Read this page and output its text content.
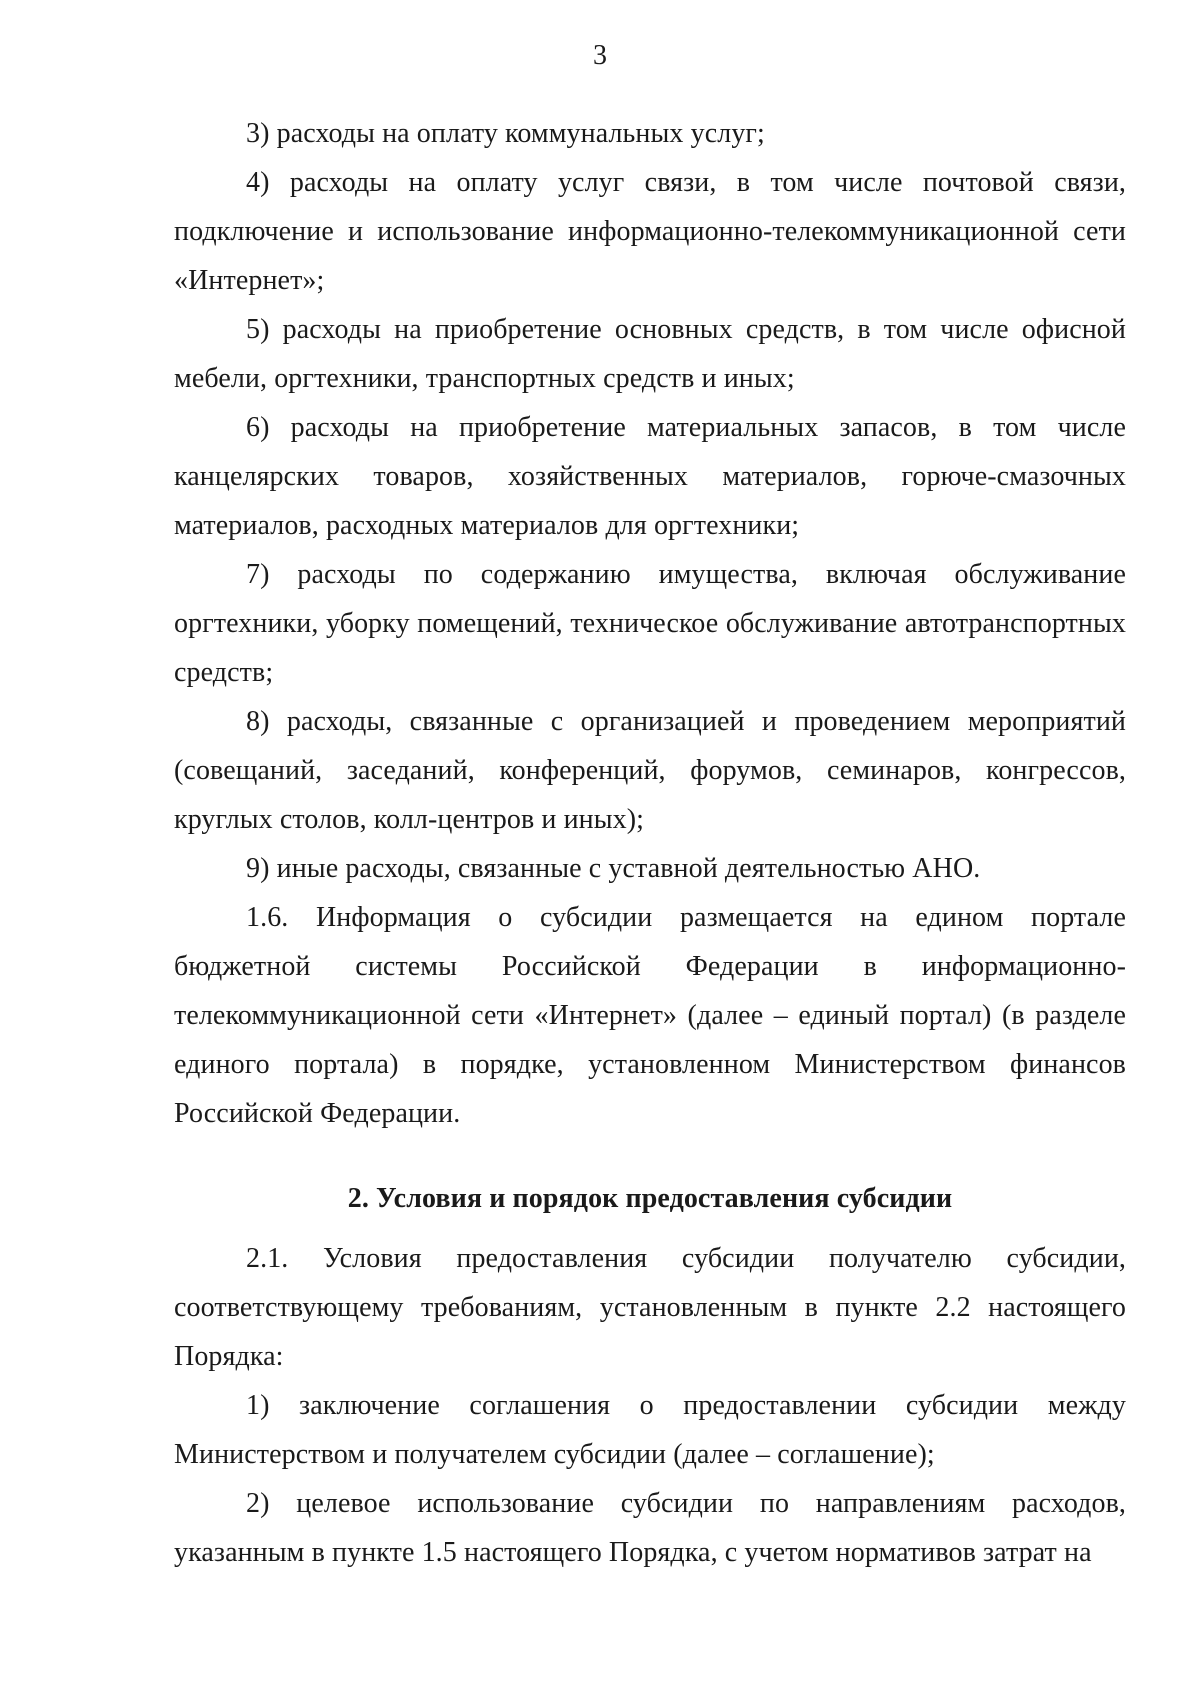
3

3) расходы на оплату коммунальных услуг;

4) расходы на оплату услуг связи, в том числе почтовой связи, подключение и использование информационно-телекоммуникационной сети «Интернет»;

5) расходы на приобретение основных средств, в том числе офисной мебели, оргтехники, транспортных средств и иных;

6) расходы на приобретение материальных запасов, в том числе канцелярских товаров, хозяйственных материалов, горюче-смазочных материалов, расходных материалов для оргтехники;

7) расходы по содержанию имущества, включая обслуживание оргтехники, уборку помещений, техническое обслуживание автотранспортных средств;

8) расходы, связанные с организацией и проведением мероприятий (совещаний, заседаний, конференций, форумов, семинаров, конгрессов, круглых столов, колл-центров и иных);

9) иные расходы, связанные с уставной деятельностью АНО.

1.6. Информация о субсидии размещается на едином портале бюджетной системы Российской Федерации в информационно-телекоммуникационной сети «Интернет» (далее – единый портал) (в разделе единого портала) в порядке, установленном Министерством финансов Российской Федерации.

2. Условия и порядок предоставления субсидии

2.1. Условия предоставления субсидии получателю субсидии, соответствующему требованиям, установленным в пункте 2.2 настоящего Порядка:

1) заключение соглашения о предоставлении субсидии между Министерством и получателем субсидии (далее – соглашение);

2) целевое использование субсидии по направлениям расходов, указанным в пункте 1.5 настоящего Порядка, с учетом нормативов затрат на
